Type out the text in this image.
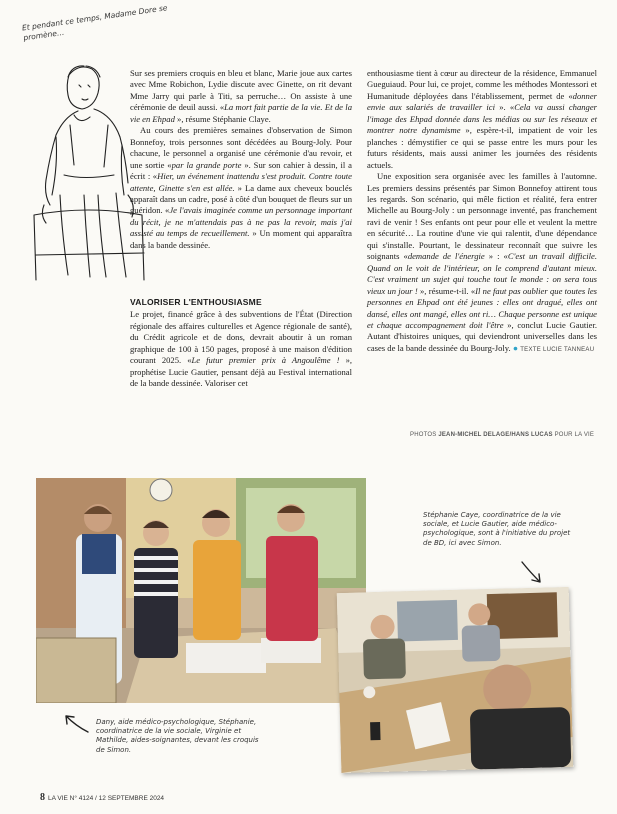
Et pendant ce temps, Madame Dore se promène…

Sur ses premiers croquis en bleu et blanc, Marie joue aux cartes avec Mme Robichon, Lydie discute avec Ginette, on rit devant Mme Jarry qui parle à Titi, sa perruche… On assiste à une cérémonie de deuil aussi. «La mort fait partie de la vie. Et de la vie en Ehpad », résume Stéphanie Claye.

Au cours des premières semaines d'observation de Simon Bonnefoy, trois personnes sont décédées au Bourg-Joly. Pour chacune, le personnel a organisé une cérémonie d'au revoir, et une sortie «par la grande porte ». Sur son cahier à dessin, il a écrit : «Hier, un événement inattendu s'est produit. Contre toute attente, Ginette s'en est allée. » La dame aux cheveux bouclés apparaît dans un cadre, posé à côté d'un bouquet de fleurs sur un guéridon. «Je l'avais imaginée comme un personnage important du récit, je ne m'attendais pas à ne pas la revoir, mais j'ai assisté au temps de recueillement. » Un moment qui apparaîtra dans la bande dessinée.

VALORISER L'ENTHOUSIASME

Le projet, financé grâce à des subventions de l'État (Direction régionale des affaires culturelles et Agence régionale de santé), du Crédit agricole et de dons, devrait aboutir à un roman graphique de 100 à 150 pages, proposé à une maison d'édition courant 2025. «Le futur premier prix à Angoulême ! », prophétise Lucie Gautier, pensant déjà au Festival international de la bande dessinée. Valoriser cet

enthousiasme tient à cœur au directeur de la résidence, Emmanuel Gueguiaud. Pour lui, ce projet, comme les méthodes Montessori et Humanitude déployées dans l'établissement, permet de «donner envie aux salariés de travailler ici ». «Cela va aussi changer l'image des Ehpad donnée dans les médias ou sur les réseaux et montrer notre dynamisme », espère-t-il, impatient de voir les planches : démystifier ce qui se passe entre les murs pour les futurs résidents, mais aussi animer les journées des résidents actuels.

Une exposition sera organisée avec les familles à l'automne. Les premiers dessins présentés par Simon Bonnefoy attirent tous les regards. Son scénario, qui mêle fiction et réalité, fera entrer Michelle au Bourg-Joly : un personnage inventé, pas franchement ravi de venir ! Ses enfants ont peur pour elle et veulent la mettre en sécurité… La routine d'une vie qui ralentit, d'une dépendance qui s'installe. Pourtant, le dessinateur reconnaît que suivre les soignants «demande de l'énergie » : «C'est un travail difficile. Quand on le voit de l'intérieur, on le comprend d'autant mieux. C'est vraiment un sujet qui touche tout le monde : on sera tous vieux un jour ! », résume-t-il. «Il ne faut pas oublier que toutes les personnes en Ehpad ont été jeunes : elles ont dragué, elles ont dansé, elles ont mangé, elles ont ri… Chaque personne est unique et chaque accompagnement doit l'être », conclut Lucie Gautier. Autant d'histoires uniques, qui deviendront universelles dans les cases de la bande dessinée du Bourg-Joly. ● TEXTE LUCIE TANNEAU

PHOTOS JEAN-MICHEL DELAGE/HANS LUCAS POUR LA VIE
Stéphanie Caye, coordinatrice de la vie sociale, et Lucie Gautier, aide médico-psychologique, sont à l'initiative du projet de BD, ici avec Simon.
Dany, aide médico-psychologique, Stéphanie, coordinatrice de la vie sociale, Virginie et Mathilde, aides-soignantes, devant les croquis de Simon.
8 LA VIE N° 4124 / 12 SEPTEMBRE 2024
